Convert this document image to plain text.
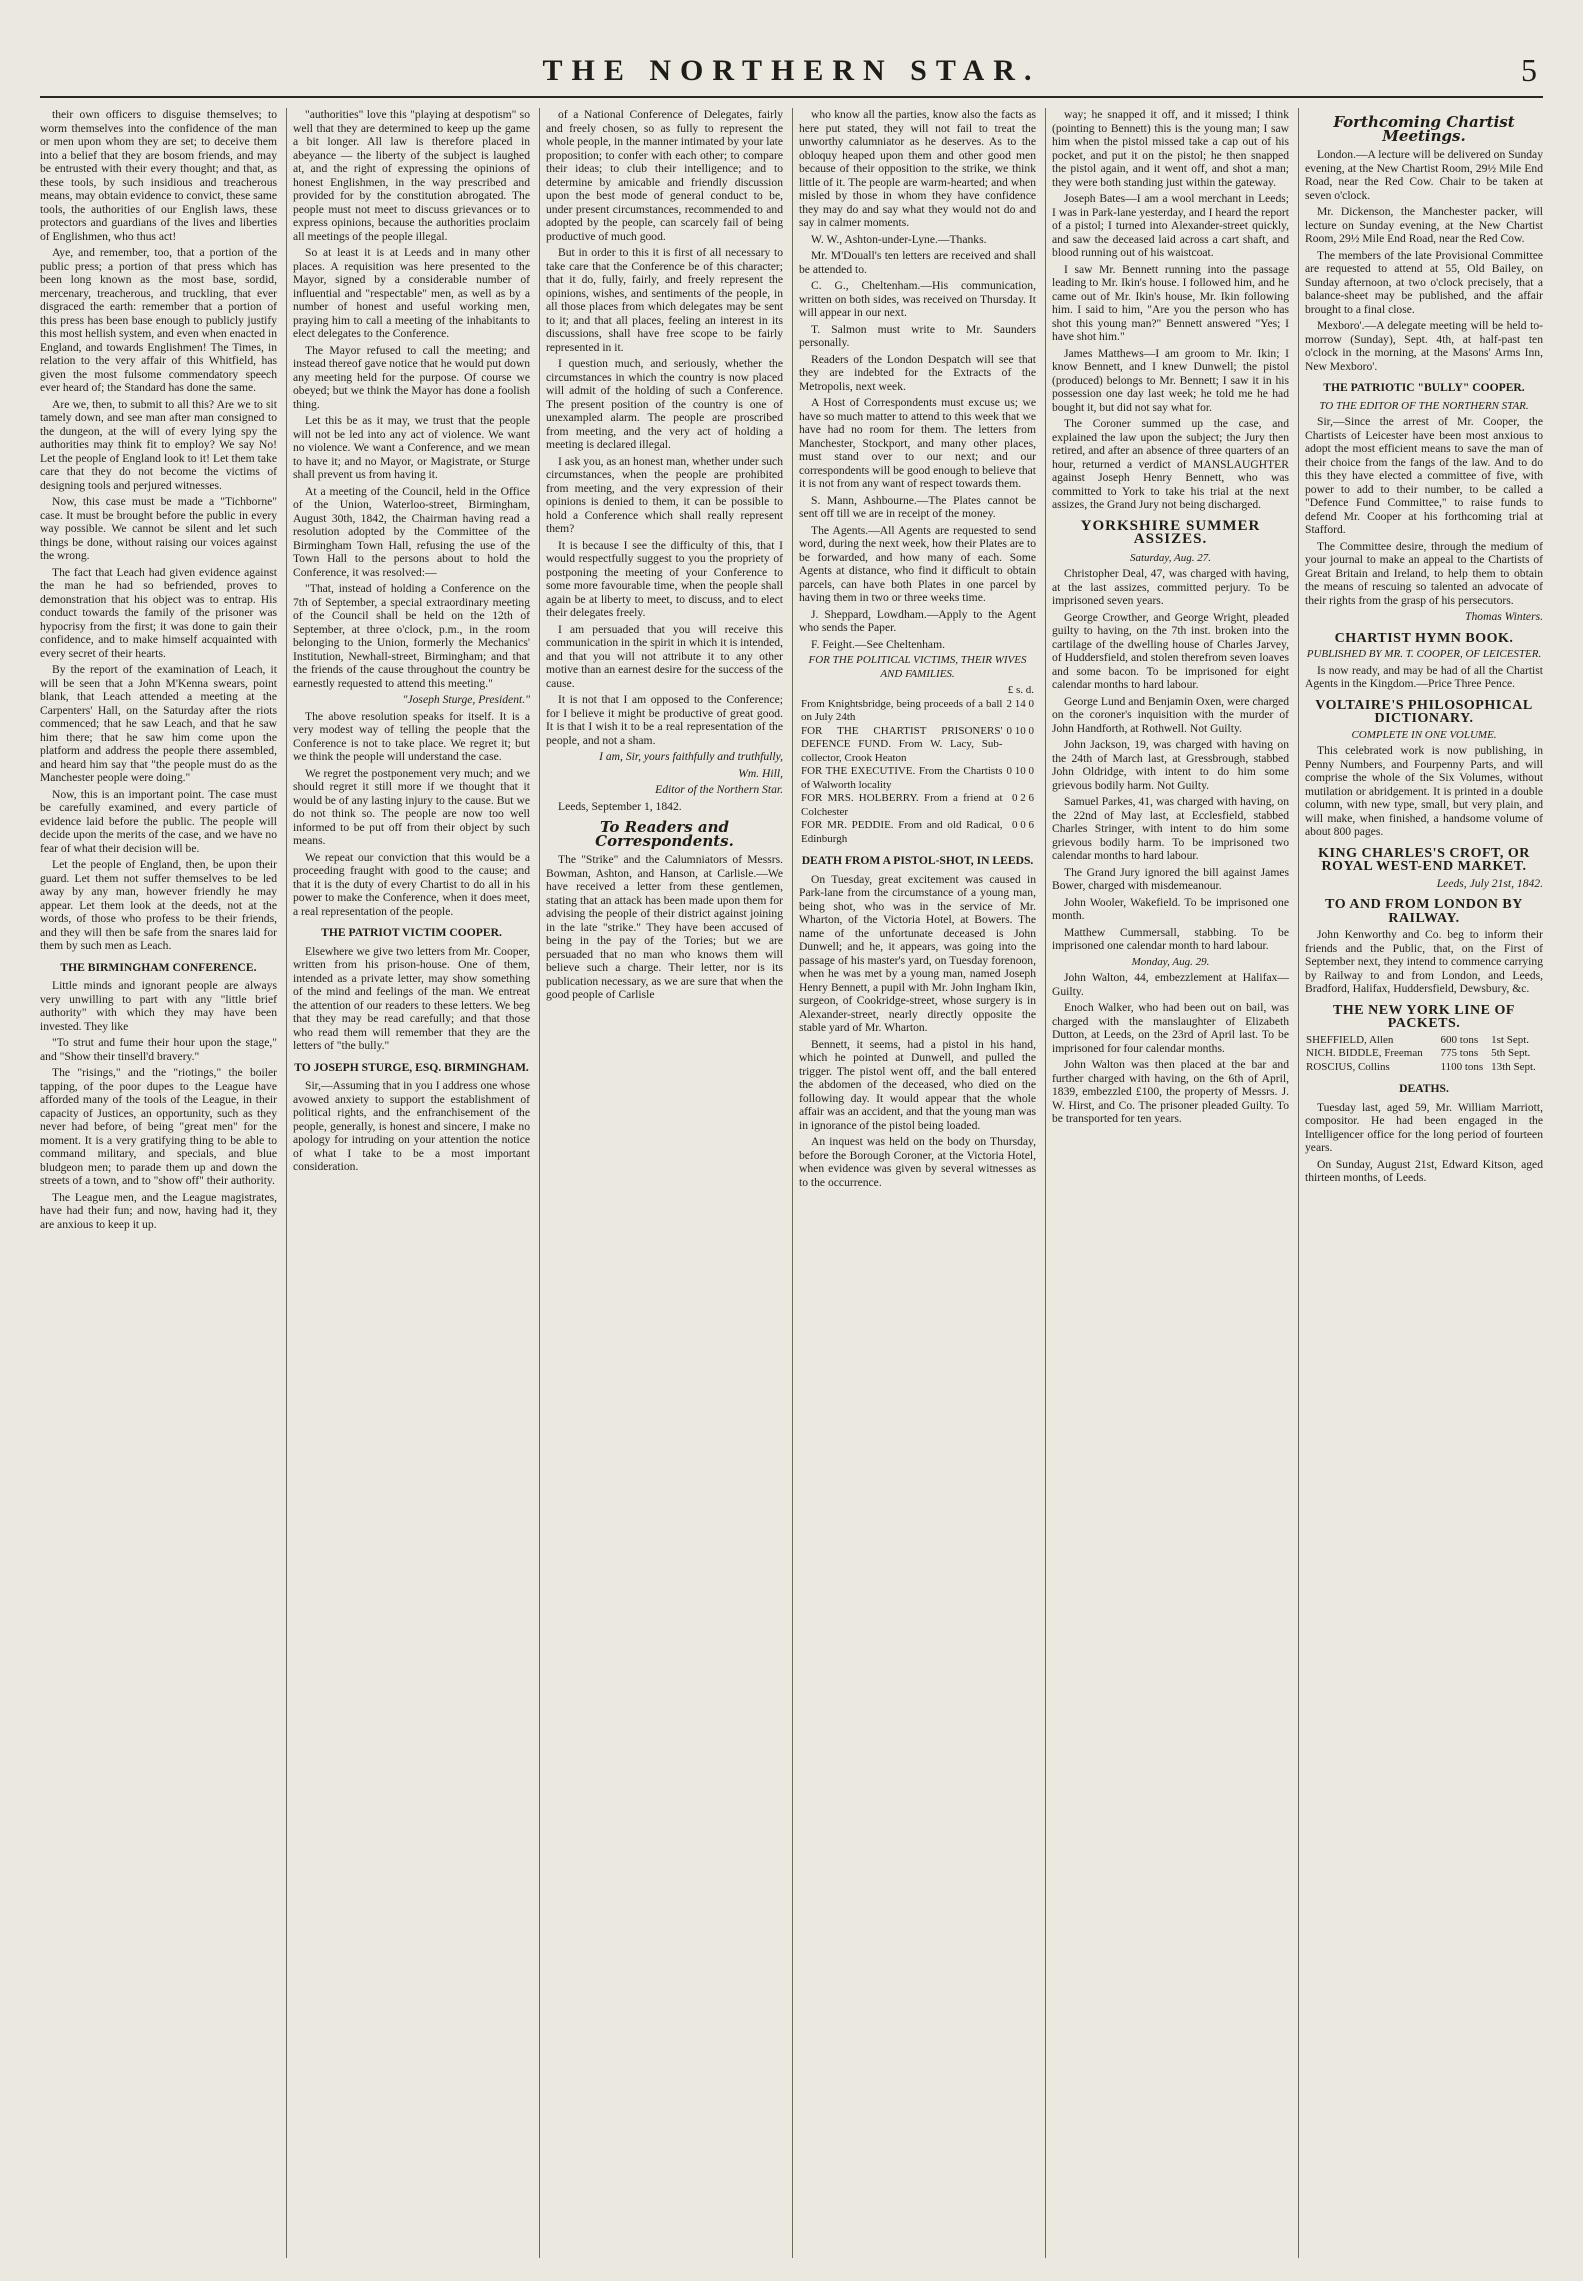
THE NORTHERN STAR.	5

their own officers to disguise themselves; to worm themselves into the confidence of the man or men upon whom they are set; to deceive them into a belief that they are bosom friends, and may be entrusted with their every thought; and that, as these tools, by such insidious and treacherous means, may obtain evidence to convict, these same tools, the authorities of our English laws, these protectors and guardians of the lives and liberties of Englishmen, who thus act!

Aye, and remember, too, that a portion of the public press; a portion of that press which has been long known as the most base, sordid, mercenary, treacherous, and truckling, that ever disgraced the earth: remember that a portion of this press has been base enough to publicly justify this most hellish system, and even when enacted in England, and towards Englishmen! The Times, in relation to the very affair of this Whitfield, has given the most fulsome commendatory speech ever heard of; the Standard has done the same.

Are we, then, to submit to all this? Are we to sit tamely down, and see man after man consigned to the dungeon, at the will of every lying spy the authorities may think fit to employ? We say No! Let the people of England look to it! Let them take care that they do not become the victims of designing tools and perjured witnesses.

Now, this case must be made a "Tichborne" case. It must be brought before the public in every way possible. We cannot be silent and let such things be done, without raising our voices against the wrong.

The fact that Leach had given evidence against the man he had so befriended, proves to demonstration that his object was to entrap. His conduct towards the family of the prisoner was hypocrisy from the first; it was done to gain their confidence, and to make himself acquainted with every secret of their hearts.

By the report of the examination of Leach, it will be seen that a John M'Kenna swears, point blank, that Leach attended a meeting at the Carpenters' Hall, on the Saturday after the riots commenced; that he saw Leach, and that he saw him there; that he saw him come upon the platform and address the people there assembled, and heard him say that "the people must do as the Manchester people were doing."

Now, this is an important point. The case must be carefully examined, and every particle of evidence laid before the public. The people will decide upon the merits of the case, and we have no fear of what their decision will be.

Let the people of England, then, be upon their guard. Let them not suffer themselves to be led away by any man, however friendly he may appear. Let them look at the deeds, not at the words, of those who profess to be their friends, and they will then be safe from the snares laid for them by such men as Leach.

THE BIRMINGHAM CONFERENCE.

Little minds and ignorant people are always very unwilling to part with any "little brief authority" with which they may have been invested. They like

"To strut and fume their hour upon the stage," and "Show their tinsell'd bravery."

The "risings," and the "riotings," the boiler tapping, of the poor dupes to the League have afforded many of the tools of the League, in their capacity of Justices, an opportunity, such as they never had before, of being "great men" for the moment. It is a very gratifying thing to be able to command military, and specials, and blue bludgeon men; to parade them up and down the streets of a town, and to "show off" their authority.

The League men, and the League magistrates, have had their fun; and now, having had it, they are anxious to keep it up.

"authorities" love this "playing at despotism" so well that they are determined to keep up the game a bit longer. All law is therefore placed in abeyance — the liberty of the subject is laughed at, and the right of expressing the opinions of honest Englishmen, in the way prescribed and provided for by the constitution abrogated. The people must not meet to discuss grievances or to express opinions, because the authorities proclaim all meetings of the people illegal.

So at least it is at Leeds and in many other places. A requisition was here presented to the Mayor, signed by a considerable number of influential and "respectable" men, as well as by a number of honest and useful working men, praying him to call a meeting of the inhabitants to elect delegates to the Conference.

The Mayor refused to call the meeting; and instead thereof gave notice that he would put down any meeting held for the purpose. Of course we obeyed; but we think the Mayor has done a foolish thing.

Let this be as it may, we trust that the people will not be led into any act of violence. We want no violence. We want a Conference, and we mean to have it; and no Mayor, or Magistrate, or Sturge shall prevent us from having it.

At a meeting of the Council, held in the Office of the Union, Waterloo-street, Birmingham, August 30th, 1842, the Chairman having read a resolution adopted by the Committee of the Birmingham Town Hall, refusing the use of the Town Hall to the persons about to hold the Conference, it was resolved:—

"That, instead of holding a Conference on the 7th of September, a special extraordinary meeting of the Council shall be held on the 12th of September, at three o'clock, p.m., in the room belonging to the Union, formerly the Mechanics' Institution, Newhall-street, Birmingham; and that the friends of the cause throughout the country be earnestly requested to attend this meeting."

"Joseph Sturge, President."

The above resolution speaks for itself. It is a very modest way of telling the people that the Conference is not to take place. We regret it; but we think the people will understand the case.

We regret the postponement very much; and we should regret it still more if we thought that it would be of any lasting injury to the cause. But we do not think so. The people are now too well informed to be put off from their object by such means.

We repeat our conviction that this would be a proceeding fraught with good to the cause; and that it is the duty of every Chartist to do all in his power to make the Conference, when it does meet, a real representation of the people.

THE PATRIOT VICTIM COOPER.

Elsewhere we give two letters from Mr. Cooper, written from his prison-house. One of them, intended as a private letter, may show something of the mind and feelings of the man. We entreat the attention of our readers to these letters. We beg that they may be read carefully; and that those who read them will remember that they are the letters of "the bully."

TO JOSEPH STURGE, ESQ. BIRMINGHAM.

Sir,—Assuming that in you I address one whose avowed anxiety to support the establishment of political rights, and the enfranchisement of the people, generally, is honest and sincere, I make no apology for intruding on your attention the notice of what I take to be a most important consideration.

of a National Conference of Delegates, fairly and freely chosen, so as fully to represent the whole people, in the manner intimated by your late proposition; to confer with each other; to compare their ideas; to club their intelligence; and to determine by amicable and friendly discussion upon the best mode of general conduct to be, under present circumstances, recommended to and adopted by the people, can scarcely fail of being productive of much good.

But in order to this it is first of all necessary to take care that the Conference be of this character; that it do, fully, fairly, and freely represent the opinions, wishes, and sentiments of the people, in all those places from which delegates may be sent to it; and that all places, feeling an interest in its discussions, shall have free scope to be fairly represented in it.

I question much, and seriously, whether the circumstances in which the country is now placed will admit of the holding of such a Conference. The present position of the country is one of unexampled alarm. The people are proscribed from meeting, and the very act of holding a meeting is declared illegal.

I ask you, as an honest man, whether under such circumstances, when the people are prohibited from meeting, and the very expression of their opinions is denied to them, it can be possible to hold a Conference which shall really represent them?

It is because I see the difficulty of this, that I would respectfully suggest to you the propriety of postponing the meeting of your Conference to some more favourable time, when the people shall again be at liberty to meet, to discuss, and to elect their delegates freely.

I am persuaded that you will receive this communication in the spirit in which it is intended, and that you will not attribute it to any other motive than an earnest desire for the success of the cause.

It is not that I am opposed to the Conference; for I believe it might be productive of great good. It is that I wish it to be a real representation of the people, and not a sham.

I am, Sir, yours faithfully and truthfully,

Wm. Hill,

Editor of the Northern Star.

Leeds, September 1, 1842.

To Readers and Correspondents.

The "Strike" and the Calumniators of Messrs. Bowman, Ashton, and Hanson, at Carlisle.—We have received a letter from these gentlemen, stating that an attack has been made upon them for advising the people of their district against joining in the late "strike." They have been accused of being in the pay of the Tories; but we are persuaded that no man who knows them will believe such a charge. Their letter, nor is its publication necessary, as we are sure that when the good people of Carlisle

who know all the parties, know also the facts as here put stated, they will not fail to treat the unworthy calumniator as he deserves. As to the obloquy heaped upon them and other good men because of their opposition to the strike, we think little of it. The people are warm-hearted; and when misled by those in whom they have confidence they may do and say what they would not do and say in calmer moments.

W. W., Ashton-under-Lyne.—Thanks.

Mr. M'Douall's ten letters are received and shall be attended to.

C. G., Cheltenham.—His communication, written on both sides, was received on Thursday. It will appear in our next.

T. Salmon must write to Mr. Saunders personally.

Readers of the London Despatch will see that they are indebted for the Extracts of the Metropolis, next week.

A Host of Correspondents must excuse us; we have so much matter to attend to this week that we have had no room for them. The letters from Manchester, Stockport, and many other places, must stand over to our next; and our correspondents will be good enough to believe that it is not from any want of respect towards them.

S. Mann, Ashbourne.—The Plates cannot be sent off till we are in receipt of the money.

The Agents.—All Agents are requested to send word, during the next week, how their Plates are to be forwarded, and how many of each. Some Agents at distance, who find it difficult to obtain parcels, can have both Plates in one parcel by having them in two or three weeks time.

J. Sheppard, Lowdham.—Apply to the Agent who sends the Paper.

F. Feight.—See Cheltenham.

FOR THE POLITICAL VICTIMS, THEIR WIVES AND FAMILIES.

	£ s. d.
From Knightsbridge, being proceeds of a ball on July 24th	2 14 0
FOR THE CHARTIST PRISONERS' DEFENCE FUND. From W. Lacy, Sub-collector, Crook Heaton	0 10 0
FOR THE EXECUTIVE. From the Chartists of Walworth locality	0 10 0
FOR MRS. HOLBERRY. From a friend at Colchester	0 2 6
FOR MR. PEDDIE. From and old Radical, Edinburgh	0 0 6

DEATH FROM A PISTOL-SHOT, IN LEEDS.

On Tuesday, great excitement was caused in Park-lane from the circumstance of a young man, being shot, who was in the service of Mr. Wharton, of the Victoria Hotel, at Bowers. The name of the unfortunate deceased is John Dunwell; and he, it appears, was going into the passage of his master's yard, on Tuesday forenoon, when he was met by a young man, named Joseph Henry Bennett, a pupil with Mr. John Ingham Ikin, surgeon, of Cookridge-street, whose surgery is in Alexander-street, nearly directly opposite the stable yard of Mr. Wharton.

Bennett, it seems, had a pistol in his hand, which he pointed at Dunwell, and pulled the trigger. The pistol went off, and the ball entered the abdomen of the deceased, who died on the following day. It would appear that the whole affair was an accident, and that the young man was in ignorance of the pistol being loaded.

An inquest was held on the body on Thursday, before the Borough Coroner, at the Victoria Hotel, when evidence was given by several witnesses as to the occurrence.

way; he snapped it off, and it missed; I think (pointing to Bennett) this is the young man; I saw him when the pistol missed take a cap out of his pocket, and put it on the pistol; he then snapped the pistol again, and it went off, and shot a man; they were both standing just within the gateway.

Joseph Bates—I am a wool merchant in Leeds; I was in Park-lane yesterday, and I heard the report of a pistol; I turned into Alexander-street quickly, and saw the deceased laid across a cart shaft, and blood running out of his waistcoat.

I saw Mr. Bennett running into the passage leading to Mr. Ikin's house. I followed him, and he came out of Mr. Ikin's house, Mr. Ikin following him. I said to him, "Are you the person who has shot this young man?" Bennett answered "Yes; I have shot him."

James Matthews—I am groom to Mr. Ikin; I know Bennett, and I knew Dunwell; the pistol (produced) belongs to Mr. Bennett; I saw it in his possession one day last week; he told me he had bought it, but did not say what for.

The Coroner summed up the case, and explained the law upon the subject; the Jury then retired, and after an absence of three quarters of an hour, returned a verdict of MANSLAUGHTER against Joseph Henry Bennett, who was committed to York to take his trial at the next assizes, the Grand Jury not being discharged.

YORKSHIRE SUMMER ASSIZES.

Saturday, Aug. 27.

Christopher Deal, 47, was charged with having, at the last assizes, committed perjury. To be imprisoned seven years.

George Crowther, and George Wright, pleaded guilty to having, on the 7th inst. broken into the cartilage of the dwelling house of Charles Jarvey, of Huddersfield, and stolen therefrom seven loaves and some bacon. To be imprisoned for eight calendar months to hard labour.

George Lund and Benjamin Oxen, were charged on the coroner's inquisition with the murder of John Handforth, at Rothwell. Not Guilty.

John Jackson, 19, was charged with having on the 24th of March last, at Gressbrough, stabbed John Oldridge, with intent to do him some grievous bodily harm. Not Guilty.

Samuel Parkes, 41, was charged with having, on the 22nd of May last, at Ecclesfield, stabbed Charles Stringer, with intent to do him some grievous bodily harm. To be imprisoned two calendar months to hard labour.

The Grand Jury ignored the bill against James Bower, charged with misdemeanour.

John Wooler, Wakefield. To be imprisoned one month.

Matthew Cummersall, stabbing. To be imprisoned one calendar month to hard labour.

Monday, Aug. 29.

John Walton, 44, embezzlement at Halifax—Guilty.

Enoch Walker, who had been out on bail, was charged with the manslaughter of Elizabeth Dutton, at Leeds, on the 23rd of April last. To be imprisoned for four calendar months.

John Walton was then placed at the bar and further charged with having, on the 6th of April, 1839, embezzled £100, the property of Messrs. J. W. Hirst, and Co. The prisoner pleaded Guilty. To be transported for ten years.

Forthcoming Chartist Meetings.

London.—A lecture will be delivered on Sunday evening, at the New Chartist Room, 29½ Mile End Road, near the Red Cow. Chair to be taken at seven o'clock.

Mr. Dickenson, the Manchester packer, will lecture on Sunday evening, at the New Chartist Room, 29½ Mile End Road, near the Red Cow.

The members of the late Provisional Committee are requested to attend at 55, Old Bailey, on Sunday afternoon, at two o'clock precisely, that a balance-sheet may be published, and the affair brought to a final close.

Mexboro'.—A delegate meeting will be held to-morrow (Sunday), Sept. 4th, at half-past ten o'clock in the morning, at the Masons' Arms Inn, New Mexboro'.

THE PATRIOTIC "BULLY" COOPER.

TO THE EDITOR OF THE NORTHERN STAR.

Sir,—Since the arrest of Mr. Cooper, the Chartists of Leicester have been most anxious to adopt the most efficient means to save the man of their choice from the fangs of the law. And to do this they have elected a committee of five, with power to add to their number, to be called a "Defence Fund Committee," to raise funds to defend Mr. Cooper at his forthcoming trial at Stafford.

The Committee desire, through the medium of your journal to make an appeal to the Chartists of Great Britain and Ireland, to help them to obtain the means of rescuing so talented an advocate of their rights from the grasp of his persecutors.

Thomas Winters.

CHARTIST HYMN BOOK.

PUBLISHED BY MR. T. COOPER, OF LEICESTER.

Is now ready, and may be had of all the Chartist Agents in the Kingdom.—Price Three Pence.

VOLTAIRE'S PHILOSOPHICAL DICTIONARY.

COMPLETE IN ONE VOLUME.

This celebrated work is now publishing, in Penny Numbers, and Fourpenny Parts, and will comprise the whole of the Six Volumes, without mutilation or abridgement. It is printed in a double column, with new type, small, but very plain, and will make, when finished, a handsome volume of about 800 pages.

KING CHARLES'S CROFT, OR ROYAL WEST-END MARKET.

Leeds, July 21st, 1842.

TO AND FROM LONDON BY RAILWAY.

John Kenworthy and Co. beg to inform their friends and the Public, that, on the First of September next, they intend to commence carrying by Railway to and from London, and Leeds, Bradford, Halifax, Huddersfield, Dewsbury, &c.

THE NEW YORK LINE OF PACKETS.

SHEFFIELD, Allen	600 tons	1st Sept.
NICH. BIDDLE, Freeman	775 tons	5th Sept.
ROSCIUS, Collins	1100 tons	13th Sept.

DEATHS.

Tuesday last, aged 59, Mr. William Marriott, compositor. He had been engaged in the Intelligencer office for the long period of fourteen years.

On Sunday, August 21st, Edward Kitson, aged thirteen months, of Leeds.
